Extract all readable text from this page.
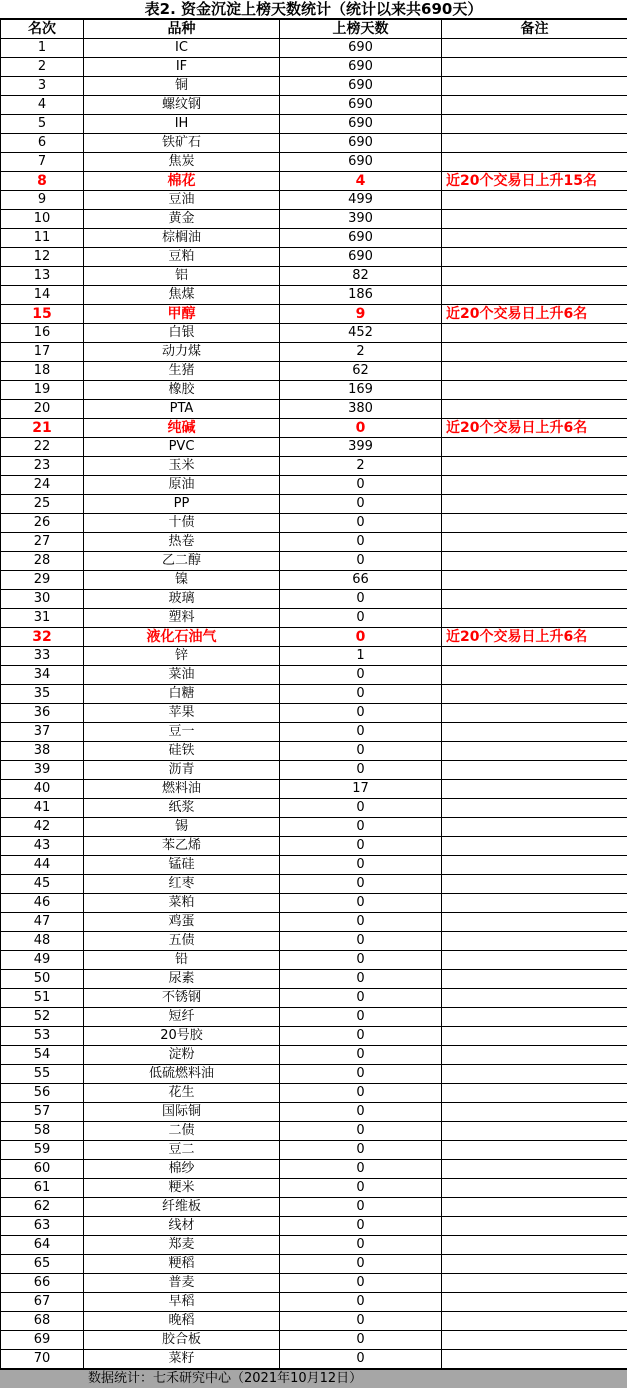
表2. 资金沉淀上榜天数统计（统计以来共690天）
名次	品种	上榜天数	备注
1	IC	690	
2	IF	690	
3	铜	690	
4	螺纹钢	690	
5	IH	690	
6	铁矿石	690	
7	焦炭	690	
8	棉花	4	近20个交易日上升15名
9	豆油	499	
10	黄金	390	
11	棕榈油	690	
12	豆粕	690	
13	铝	82	
14	焦煤	186	
15	甲醇	9	近20个交易日上升6名
16	白银	452	
17	动力煤	2	
18	生猪	62	
19	橡胶	169	
20	PTA	380	
21	纯碱	0	近20个交易日上升6名
22	PVC	399	
23	玉米	2	
24	原油	0	
25	PP	0	
26	十债	0	
27	热卷	0	
28	乙二醇	0	
29	镍	66	
30	玻璃	0	
31	塑料	0	
32	液化石油气	0	近20个交易日上升6名
33	锌	1	
34	菜油	0	
35	白糖	0	
36	苹果	0	
37	豆一	0	
38	硅铁	0	
39	沥青	0	
40	燃料油	17	
41	纸浆	0	
42	锡	0	
43	苯乙烯	0	
44	锰硅	0	
45	红枣	0	
46	菜粕	0	
47	鸡蛋	0	
48	五债	0	
49	铅	0	
50	尿素	0	
51	不锈钢	0	
52	短纤	0	
53	20号胶	0	
54	淀粉	0	
55	低硫燃料油	0	
56	花生	0	
57	国际铜	0	
58	二债	0	
59	豆二	0	
60	棉纱	0	
61	粳米	0	
62	纤维板	0	
63	线材	0	
64	郑麦	0	
65	粳稻	0	
66	普麦	0	
67	早稻	0	
68	晚稻	0	
69	胶合板	0	
70	菜籽	0	
数据统计：七禾研究中心（2021年10月12日）
